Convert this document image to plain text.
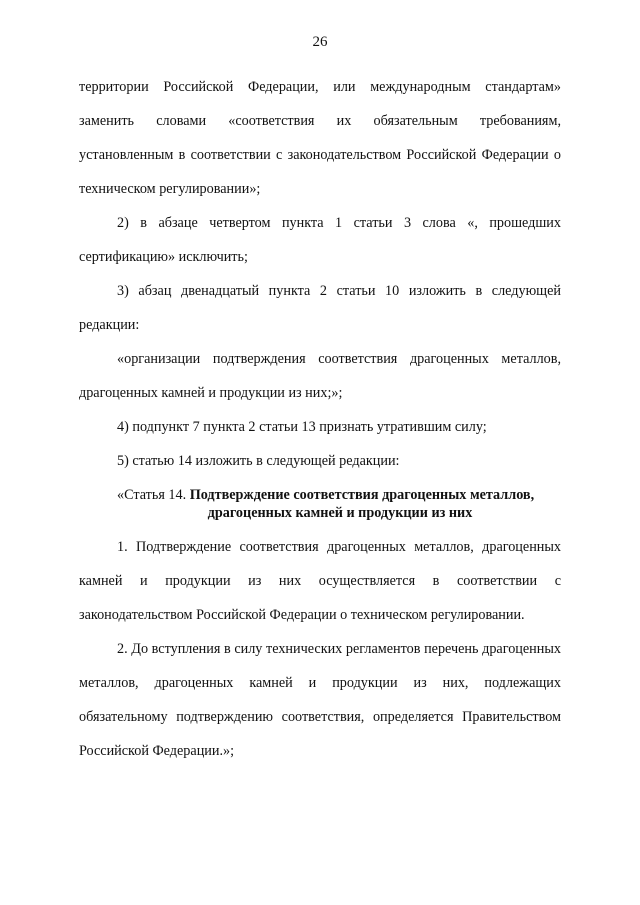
26

территории Российской Федерации, или международным стандартам» заменить словами «соответствия их обязательным требованиям, установленным в соответствии с законодательством Российской Федерации о техническом регулировании»;

2) в абзаце четвертом пункта 1 статьи 3 слова «, прошедших сертификацию» исключить;

3) абзац двенадцатый пункта 2 статьи 10 изложить в следующей редакции:

«организации подтверждения соответствия драгоценных металлов, драгоценных камней и продукции из них;»;

4) подпункт 7 пункта 2 статьи 13 признать утратившим силу;

5) статью 14 изложить в следующей редакции:

«Статья 14. Подтверждение соответствия драгоценных металлов,
драгоценных камней и продукции из них

1. Подтверждение соответствия драгоценных металлов, драгоценных камней и продукции из них осуществляется в соответствии с законодательством Российской Федерации о техническом регулировании.

2. До вступления в силу технических регламентов перечень драгоценных металлов, драгоценных камней и продукции из них, подлежащих обязательному подтверждению соответствия, определяется Правительством Российской Федерации.»;
